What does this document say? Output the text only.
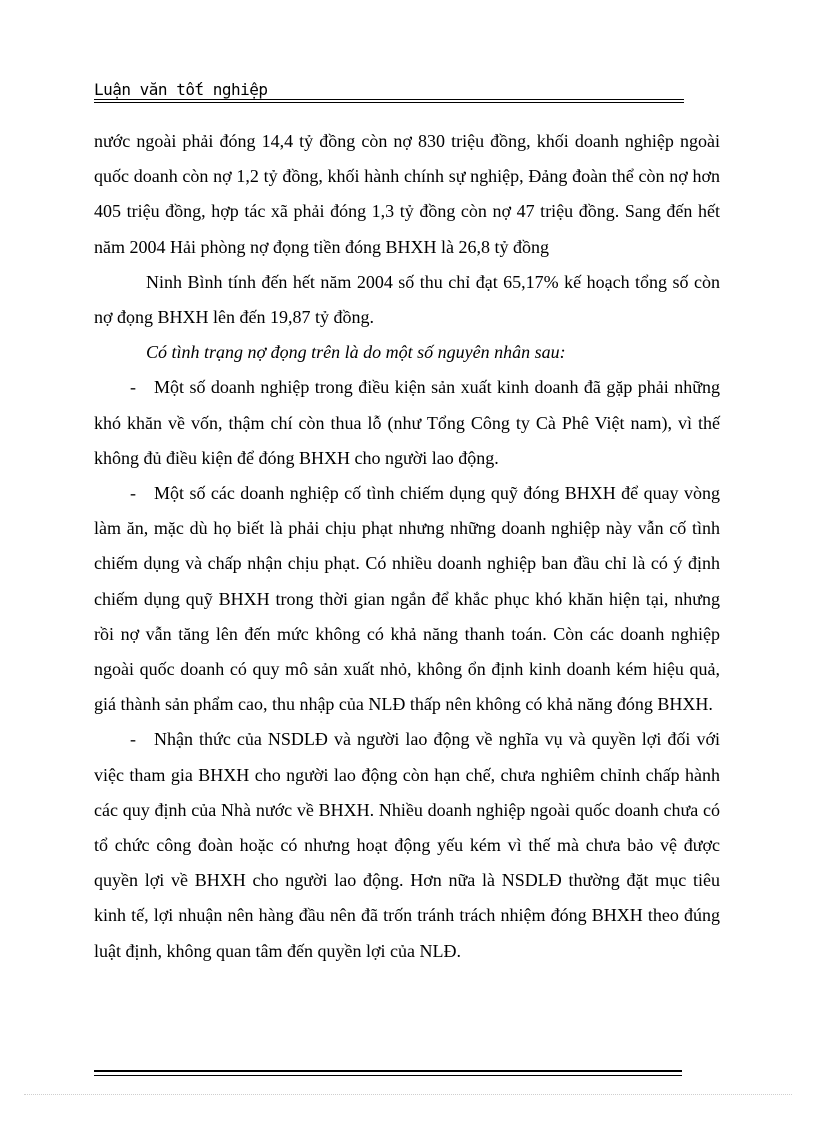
Luận văn tốt nghiệp

nước ngoài phải đóng 14,4 tỷ đồng còn nợ 830 triệu đồng, khối doanh nghiệp ngoài quốc doanh còn nợ 1,2 tỷ đồng, khối hành chính sự nghiệp, Đảng đoàn thể còn nợ hơn 405 triệu đồng, hợp tác xã phải đóng 1,3 tỷ đồng còn nợ 47 triệu đồng. Sang đến hết năm 2004 Hải phòng nợ đọng tiền đóng BHXH là 26,8 tỷ đồng

Ninh Bình tính đến hết năm 2004 số thu chỉ đạt 65,17% kế hoạch tổng số còn nợ đọng BHXH lên đến 19,87 tỷ đồng.

Có tình trạng nợ đọng trên là do một số nguyên nhân sau:

- Một số doanh nghiệp trong điều kiện sản xuất kinh doanh đã gặp phải những khó khăn về vốn, thậm chí còn thua lỗ (như Tổng Công ty Cà Phê Việt nam), vì thế không đủ điều kiện để đóng BHXH cho người lao động.

- Một số các doanh nghiệp cố tình chiếm dụng quỹ đóng BHXH để quay vòng làm ăn, mặc dù họ biết là phải chịu phạt nhưng những doanh nghiệp này vẫn cố tình chiếm dụng và chấp nhận chịu phạt. Có nhiều doanh nghiệp ban đầu chỉ là có ý định chiếm dụng quỹ BHXH trong thời gian ngắn để khắc phục khó khăn hiện tại, nhưng rồi nợ vẫn tăng lên đến mức không có khả năng thanh toán. Còn các doanh nghiệp ngoài quốc doanh có quy mô sản xuất nhỏ, không ổn định kinh doanh kém hiệu quả, giá thành sản phẩm cao, thu nhập của NLĐ thấp nên không có khả năng đóng BHXH.

- Nhận thức của NSDLĐ và người lao động về nghĩa vụ và quyền lợi đối với việc tham gia BHXH cho người lao động còn hạn chế, chưa nghiêm chỉnh chấp hành các quy định của Nhà nước về BHXH. Nhiều doanh nghiệp ngoài quốc doanh chưa có tổ chức công đoàn hoặc có nhưng hoạt động yếu kém vì thế mà chưa bảo vệ được quyền lợi về BHXH cho người lao động. Hơn nữa là NSDLĐ thường đặt mục tiêu kinh tế, lợi nhuận nên hàng đầu nên đã trốn tránh trách nhiệm đóng BHXH theo đúng luật định, không quan tâm đến quyền lợi của NLĐ.
